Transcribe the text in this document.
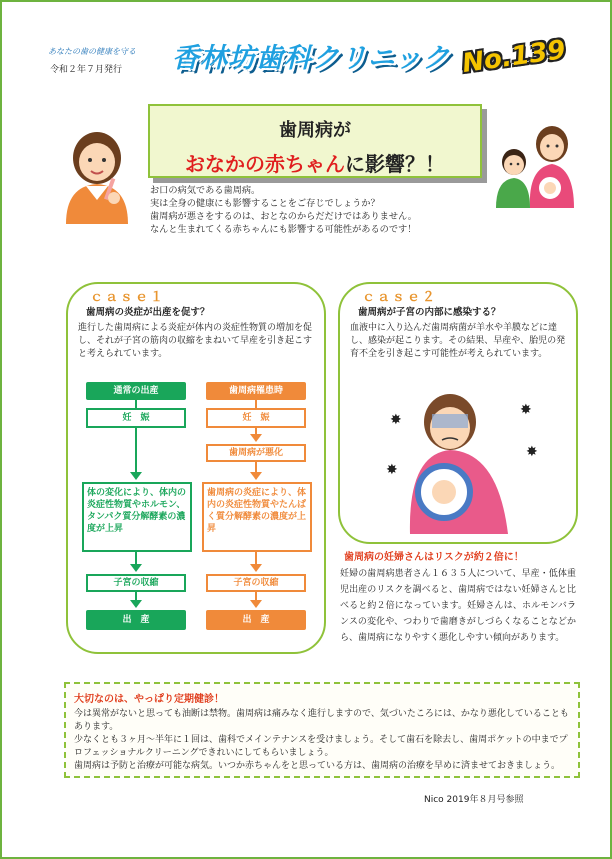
あなたの歯の健康を守る
令和２年７月発行 香林坊歯科クリニック No.139
歯周病が
おなかの赤ちゃんに影響？！
お口の病気である歯周病。
実は全身の健康にも影響することをご存じでしょうか？
歯周病が悪さをするのは、おとなのからだだけではありません。
なんと生まれてくる赤ちゃんにも影響する可能性があるのです！
ｃａｓｅ１
歯周病の炎症が出産を促す？
進行した歯周病による炎症が体内の炎症性物質の増加を促し、それが子宮の筋肉の収縮をまねいて早産を引き起こすと考えられています。
通常の出産
妊　娠
体の変化により、体内の炎症性物質やホルモン、タンパク質分解酵素の濃度が上昇
子宮の収縮
出　産
歯周病罹患時
妊　娠
歯周病が悪化
歯周病の炎症により、体内の炎症性物質やたんぱく質分解酵素の濃度が上昇
子宮の収縮
出　産
ｃａｓｅ２
歯周病が子宮の内部に感染する？
血液中に入り込んだ歯周病菌が羊水や羊膜などに達し、感染が起こります。その結果、早産や、胎児の発育不全を引き起こす可能性が考えられています。
✸
✸
✸
✸
歯周病の妊婦さんはリスクが約２倍に！
妊婦の歯周病患者さん１６３５人について、早産・低体重児出産のリスクを調べると、歯周病ではない妊婦さんと比べると約２倍になっています。妊婦さんは、ホルモンバランスの変化や、つわりで歯磨きがしづらくなることなどから、歯周病になりやすく悪化しやすい傾向があります。
大切なのは、やっぱり定期健診！

今は異常がないと思っても油断は禁物。歯周病は痛みなく進行しますので、気づいたころには、かなり悪化していることもあります。

少なくとも３ヶ月～半年に１回は、歯科でメインテナンスを受けましょう。そして歯石を除去し、歯周ポケットの中までプロフェッショナルクリーニングできれいにしてもらいましょう。

歯周病は予防と治療が可能な病気。いつか赤ちゃんをと思っている方は、歯周病の治療を早めに済ませておきましょう。

Nico 2019年８月号参照
